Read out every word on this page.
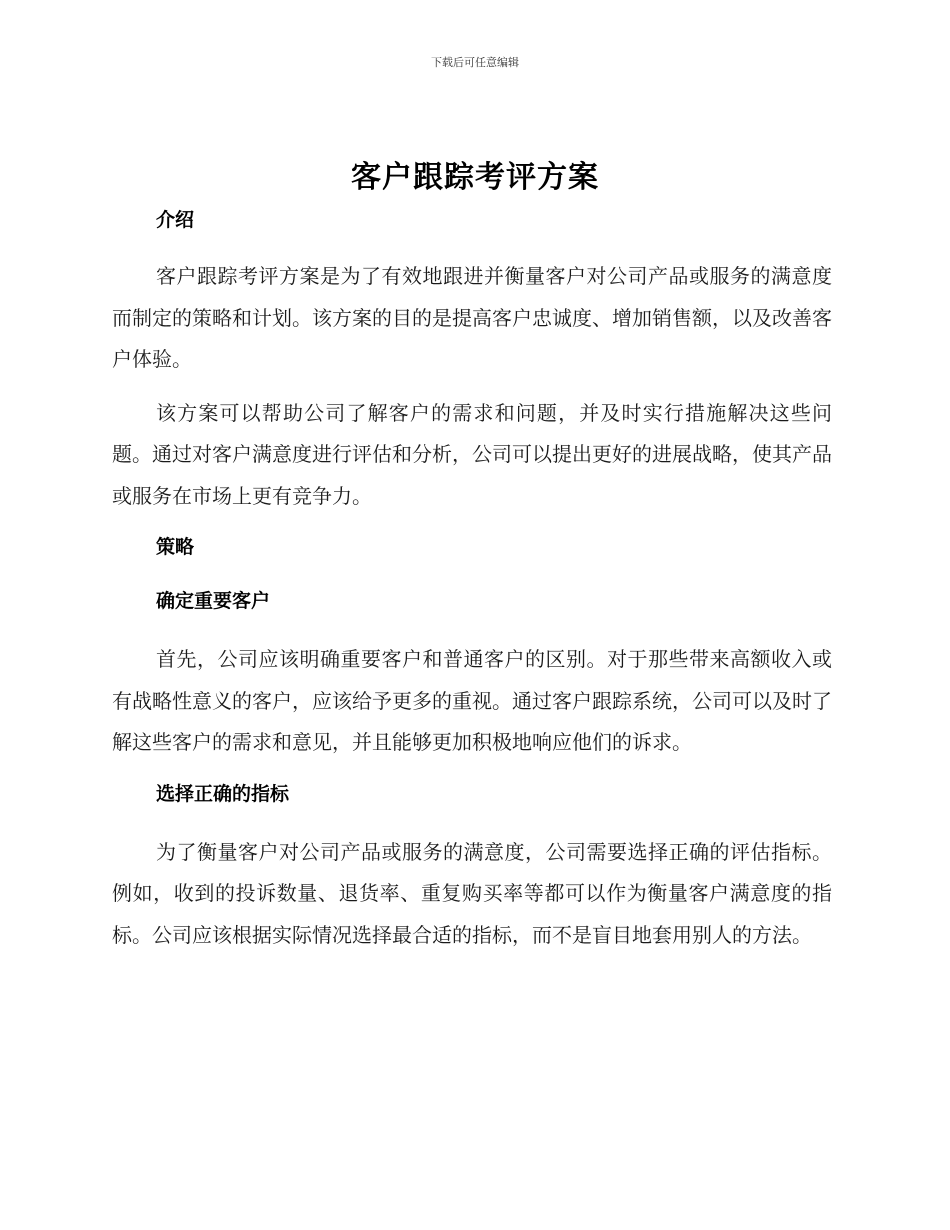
下载后可任意编辑
客户跟踪考评方案
介绍

客户跟踪考评方案是为了有效地跟进并衡量客户对公司产品或服务的满意度而制定的策略和计划。该方案的目的是提高客户忠诚度、增加销售额，以及改善客户体验。

该方案可以帮助公司了解客户的需求和问题，并及时实行措施解决这些问题。通过对客户满意度进行评估和分析，公司可以提出更好的进展战略，使其产品或服务在市场上更有竞争力。

策略
确定重要客户

首先，公司应该明确重要客户和普通客户的区别。对于那些带来高额收入或有战略性意义的客户，应该给予更多的重视。通过客户跟踪系统，公司可以及时了解这些客户的需求和意见，并且能够更加积极地响应他们的诉求。

选择正确的指标

为了衡量客户对公司产品或服务的满意度，公司需要选择正确的评估指标。例如，收到的投诉数量、退货率、重复购买率等都可以作为衡量客户满意度的指标。公司应该根据实际情况选择最合适的指标，而不是盲目地套用别人的方法。
